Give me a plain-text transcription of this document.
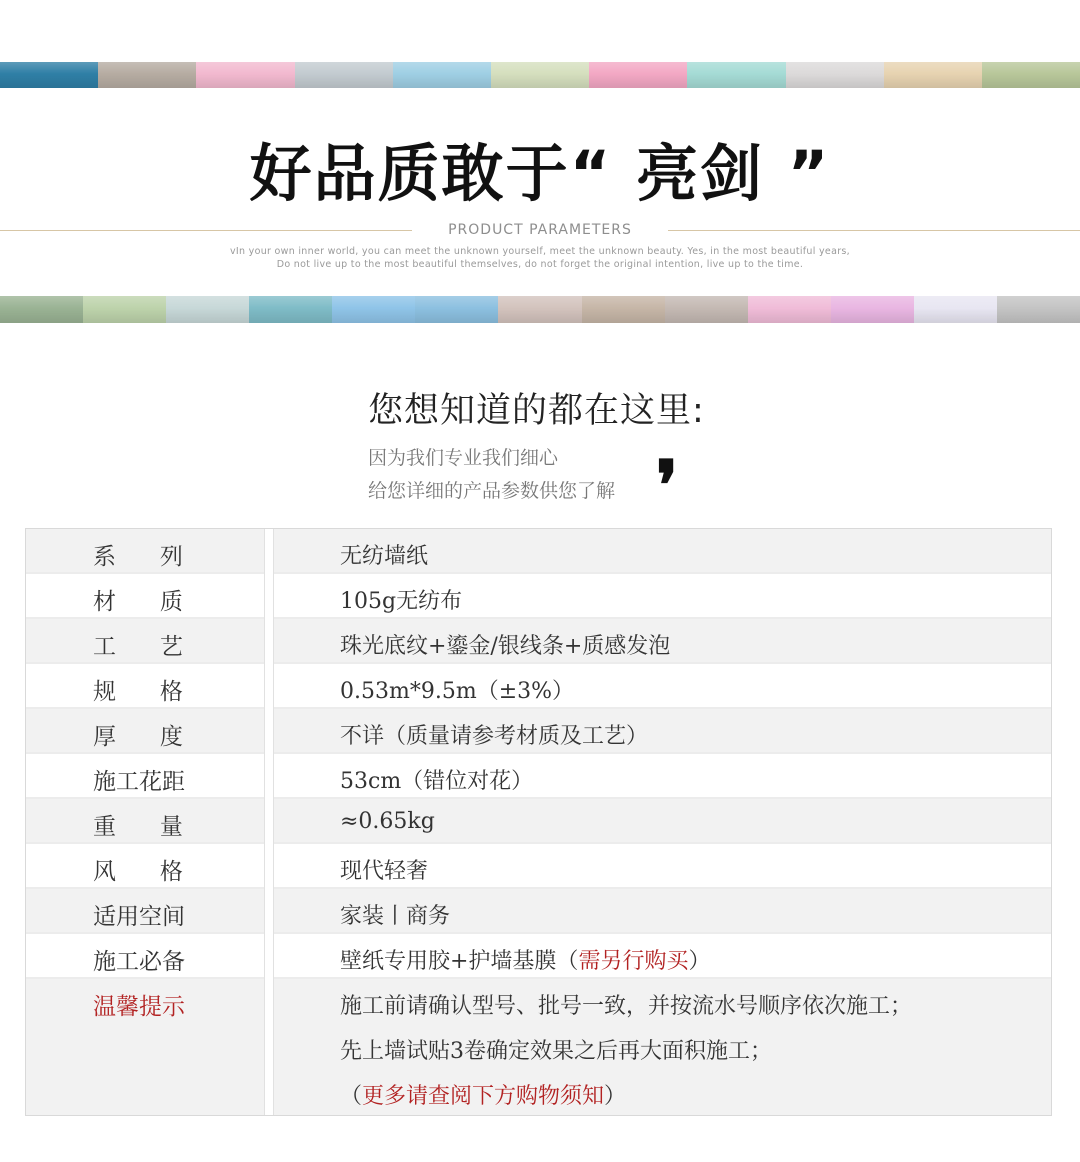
好品质敢于“ 亮剑 ”
PRODUCT PARAMETERS
vIn your own inner world, you can meet the unknown yourself, meet the unknown beauty. Yes, in the most beautiful years,
Do not live up to the most beautiful themselves, do not forget the original intention, live up to the time.
您想知道的都在这里:
因为我们专业我们细心
给您详细的产品参数供您了解 ❜
系      列	无纺墙纸
材      质	105g无纺布
工      艺	珠光底纹+鎏金/银线条+质感发泡
规      格	0.53m*9.5m（±3%）
厚      度	不详（质量请参考材质及工艺）
施工花距	53cm（错位对花）
重      量	≈0.65kg
风      格	现代轻奢
适用空间	家装丨商务
施工必备	壁纸专用胶+护墙基膜（需另行购买）
温馨提示	施工前请确认型号、批号一致，并按流水号顺序依次施工；
先上墙试贴3卷确定效果之后再大面积施工；
（更多请查阅下方购物须知）
